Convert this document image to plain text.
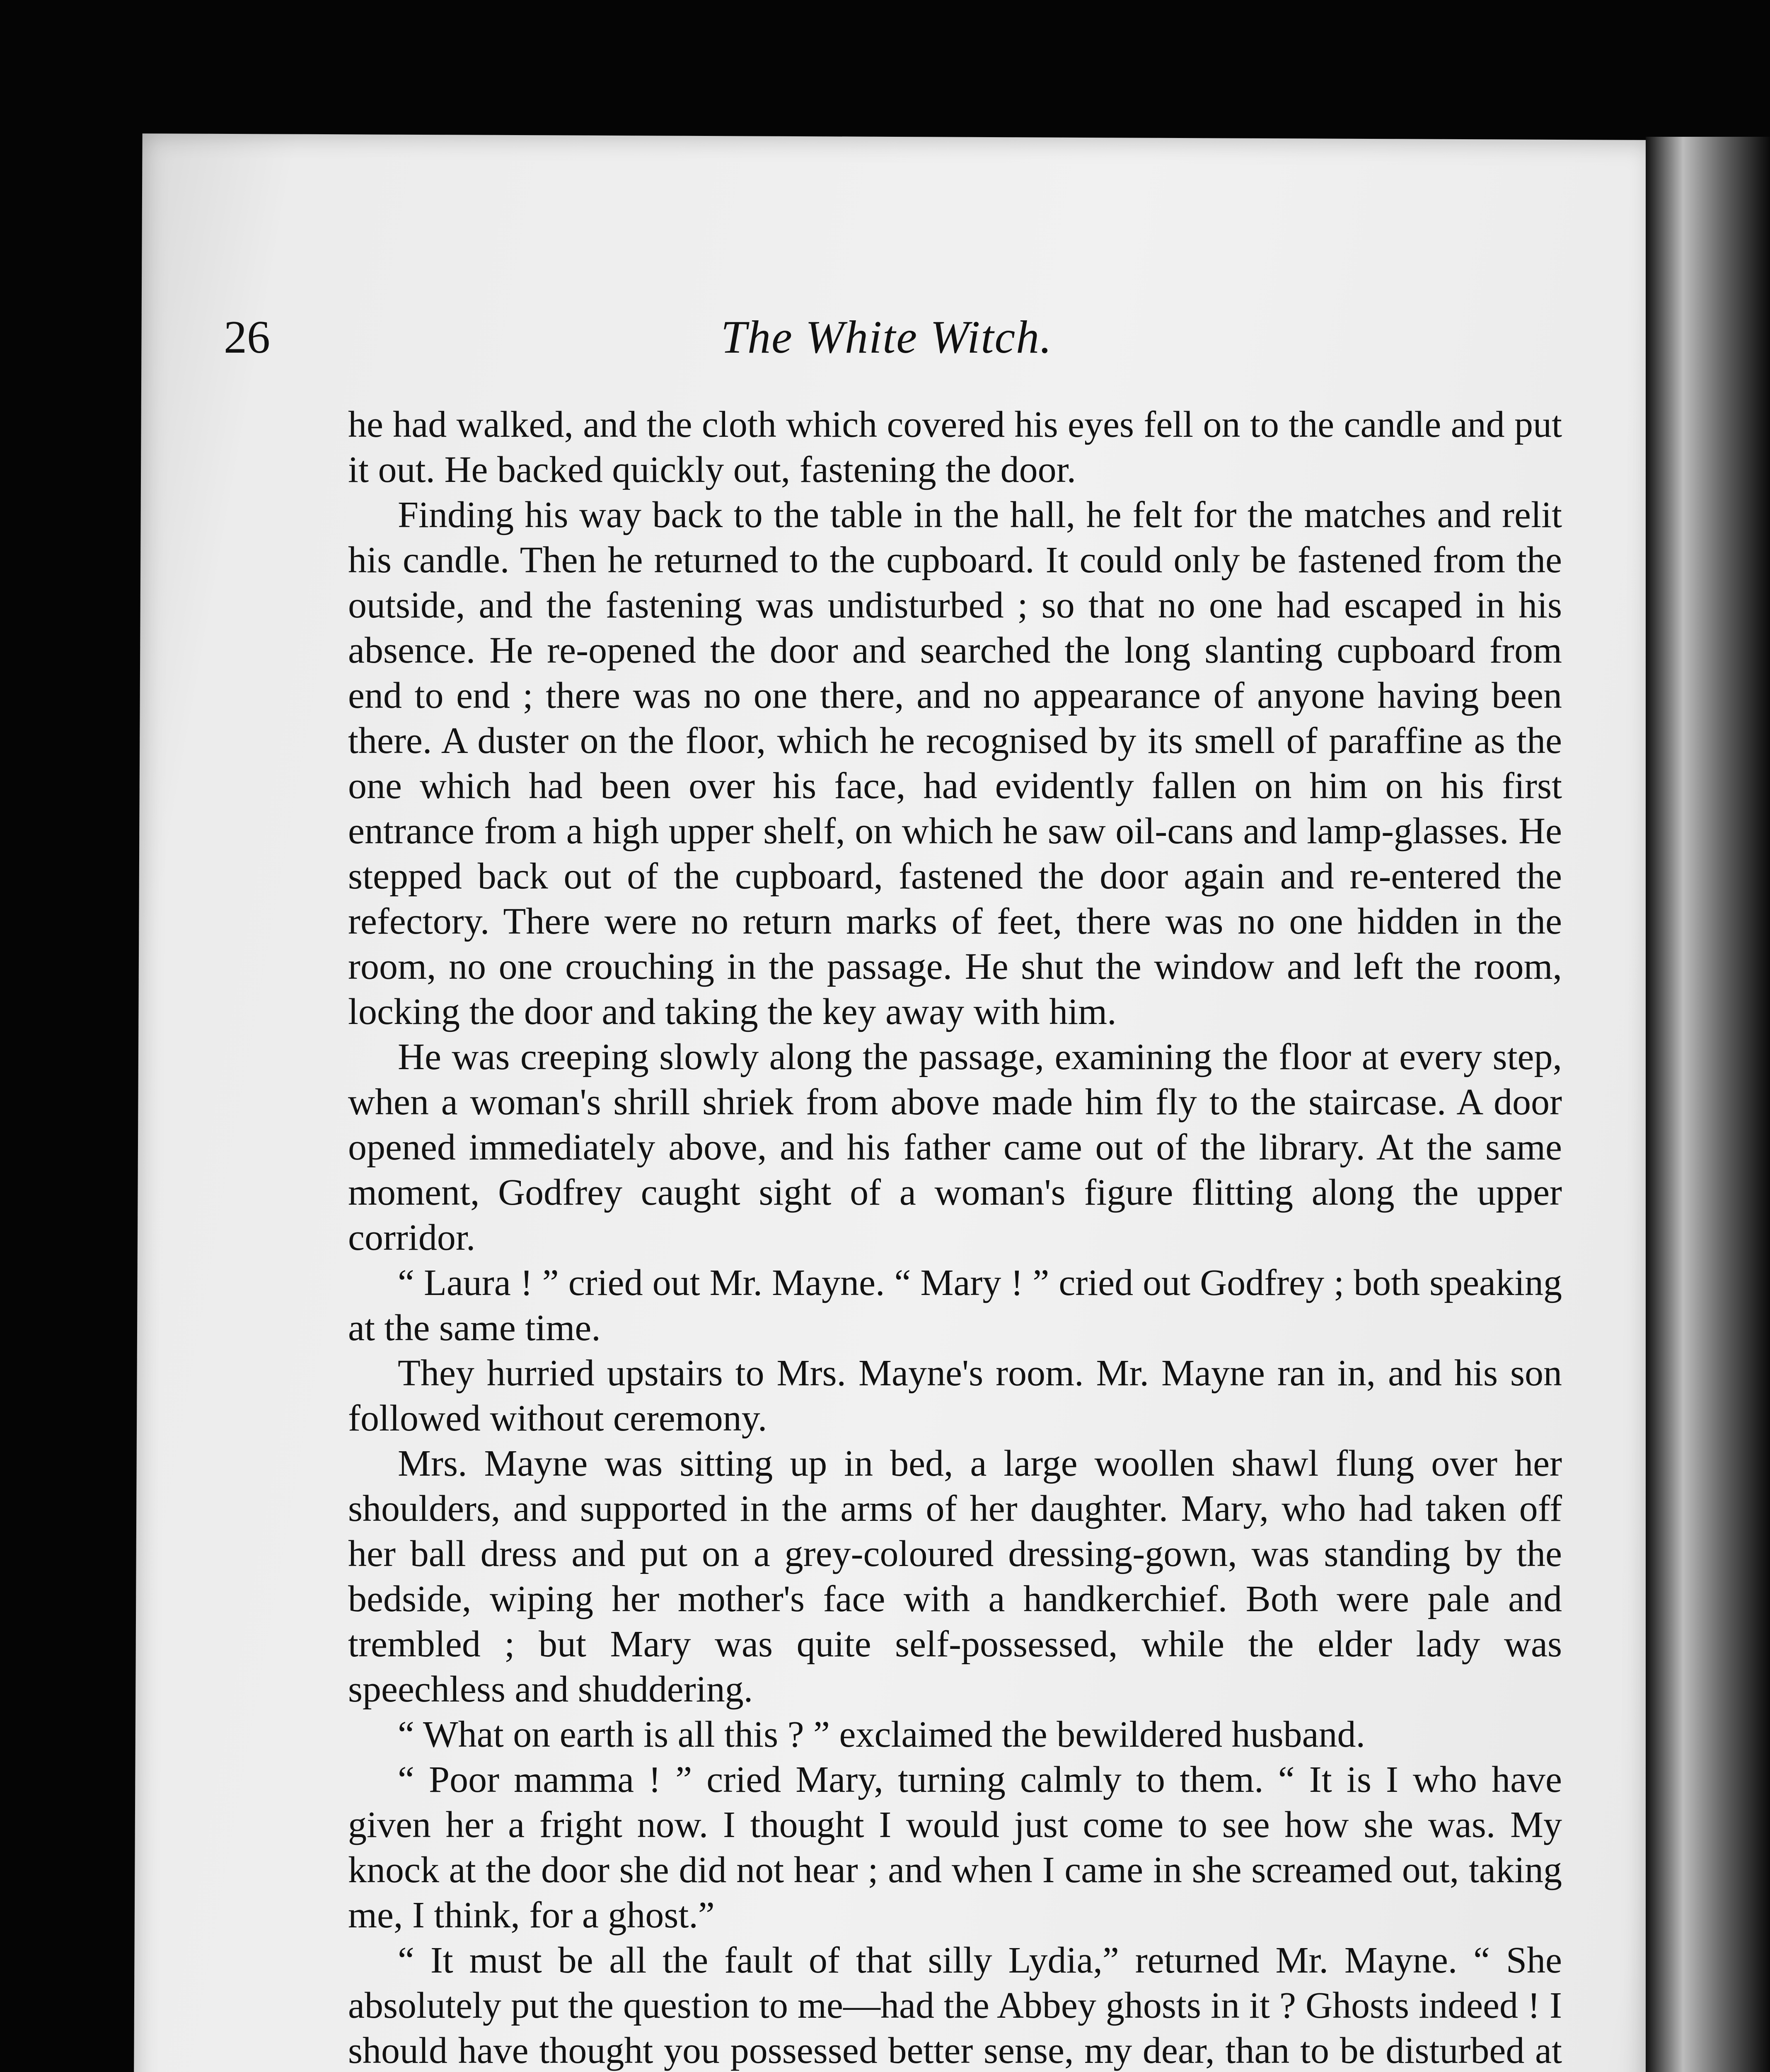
26	The White Witch.

he had walked, and the cloth which covered his eyes fell on to the candle and put it out. He backed quickly out, fastening the door.

Finding his way back to the table in the hall, he felt for the matches and relit his candle. Then he returned to the cupboard. It could only be fastened from the outside, and the fastening was undisturbed ; so that no one had escaped in his absence. He re-opened the door and searched the long slanting cupboard from end to end ; there was no one there, and no appearance of anyone having been there. A duster on the floor, which he recognised by its smell of paraffine as the one which had been over his face, had evidently fallen on him on his first entrance from a high upper shelf, on which he saw oil-cans and lamp-glasses. He stepped back out of the cupboard, fastened the door again and re-entered the refectory. There were no return marks of feet, there was no one hidden in the room, no one crouching in the passage. He shut the window and left the room, locking the door and taking the key away with him.

He was creeping slowly along the passage, examining the floor at every step, when a woman's shrill shriek from above made him fly to the staircase. A door opened immediately above, and his father came out of the library. At the same moment, Godfrey caught sight of a woman's figure flitting along the upper corridor.

“ Laura ! ” cried out Mr. Mayne. “ Mary ! ” cried out Godfrey ; both speaking at the same time.

They hurried upstairs to Mrs. Mayne's room. Mr. Mayne ran in, and his son followed without ceremony.

Mrs. Mayne was sitting up in bed, a large woollen shawl flung over her shoulders, and supported in the arms of her daughter. Mary, who had taken off her ball dress and put on a grey-coloured dressing-gown, was standing by the bedside, wiping her mother's face with a handkerchief. Both were pale and trembled ; but Mary was quite self-possessed, while the elder lady was speechless and shuddering.

“ What on earth is all this ? ” exclaimed the bewildered husband.

“ Poor mamma ! ” cried Mary, turning calmly to them. “ It is I who have given her a fright now. I thought I would just come to see how she was. My knock at the door she did not hear ; and when I came in she screamed out, taking me, I think, for a ghost.”

“ It must be all the fault of that silly Lydia,” returned Mr. Mayne. “ She absolutely put the question to me—had the Abbey ghosts in it ? Ghosts indeed ! I should have thought you possessed better sense, my dear, than to be disturbed at
